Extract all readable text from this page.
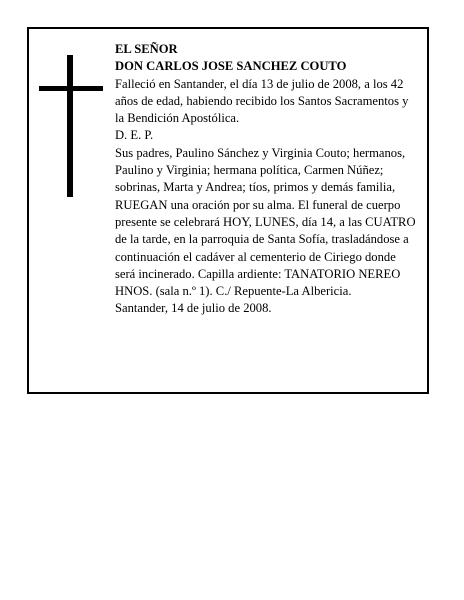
EL SEÑOR

DON CARLOS JOSE SANCHEZ COUTO

Falleció en Santander, el día 13 de julio de 2008, a los 42 años de edad, habiendo recibido los Santos Sacramentos y la Bendición Apostólica.

D. E. P.

Sus padres, Paulino Sánchez y Virginia Couto; hermanos, Paulino y Virginia; hermana política, Carmen Núñez; sobrinas, Marta y Andrea; tíos, primos y demás familia,

RUEGAN una oración por su alma. El funeral de cuerpo presente se celebrará HOY, LUNES, día 14, a las CUATRO de la tarde, en la parroquia de Santa Sofía, trasladándose a continuación el cadáver al cementerio de Ciriego donde será incinerado. Capilla ardiente: TANATORIO NEREO HNOS. (sala n.º 1). C./ Repuente-La Albericia.

Santander, 14 de julio de 2008.
